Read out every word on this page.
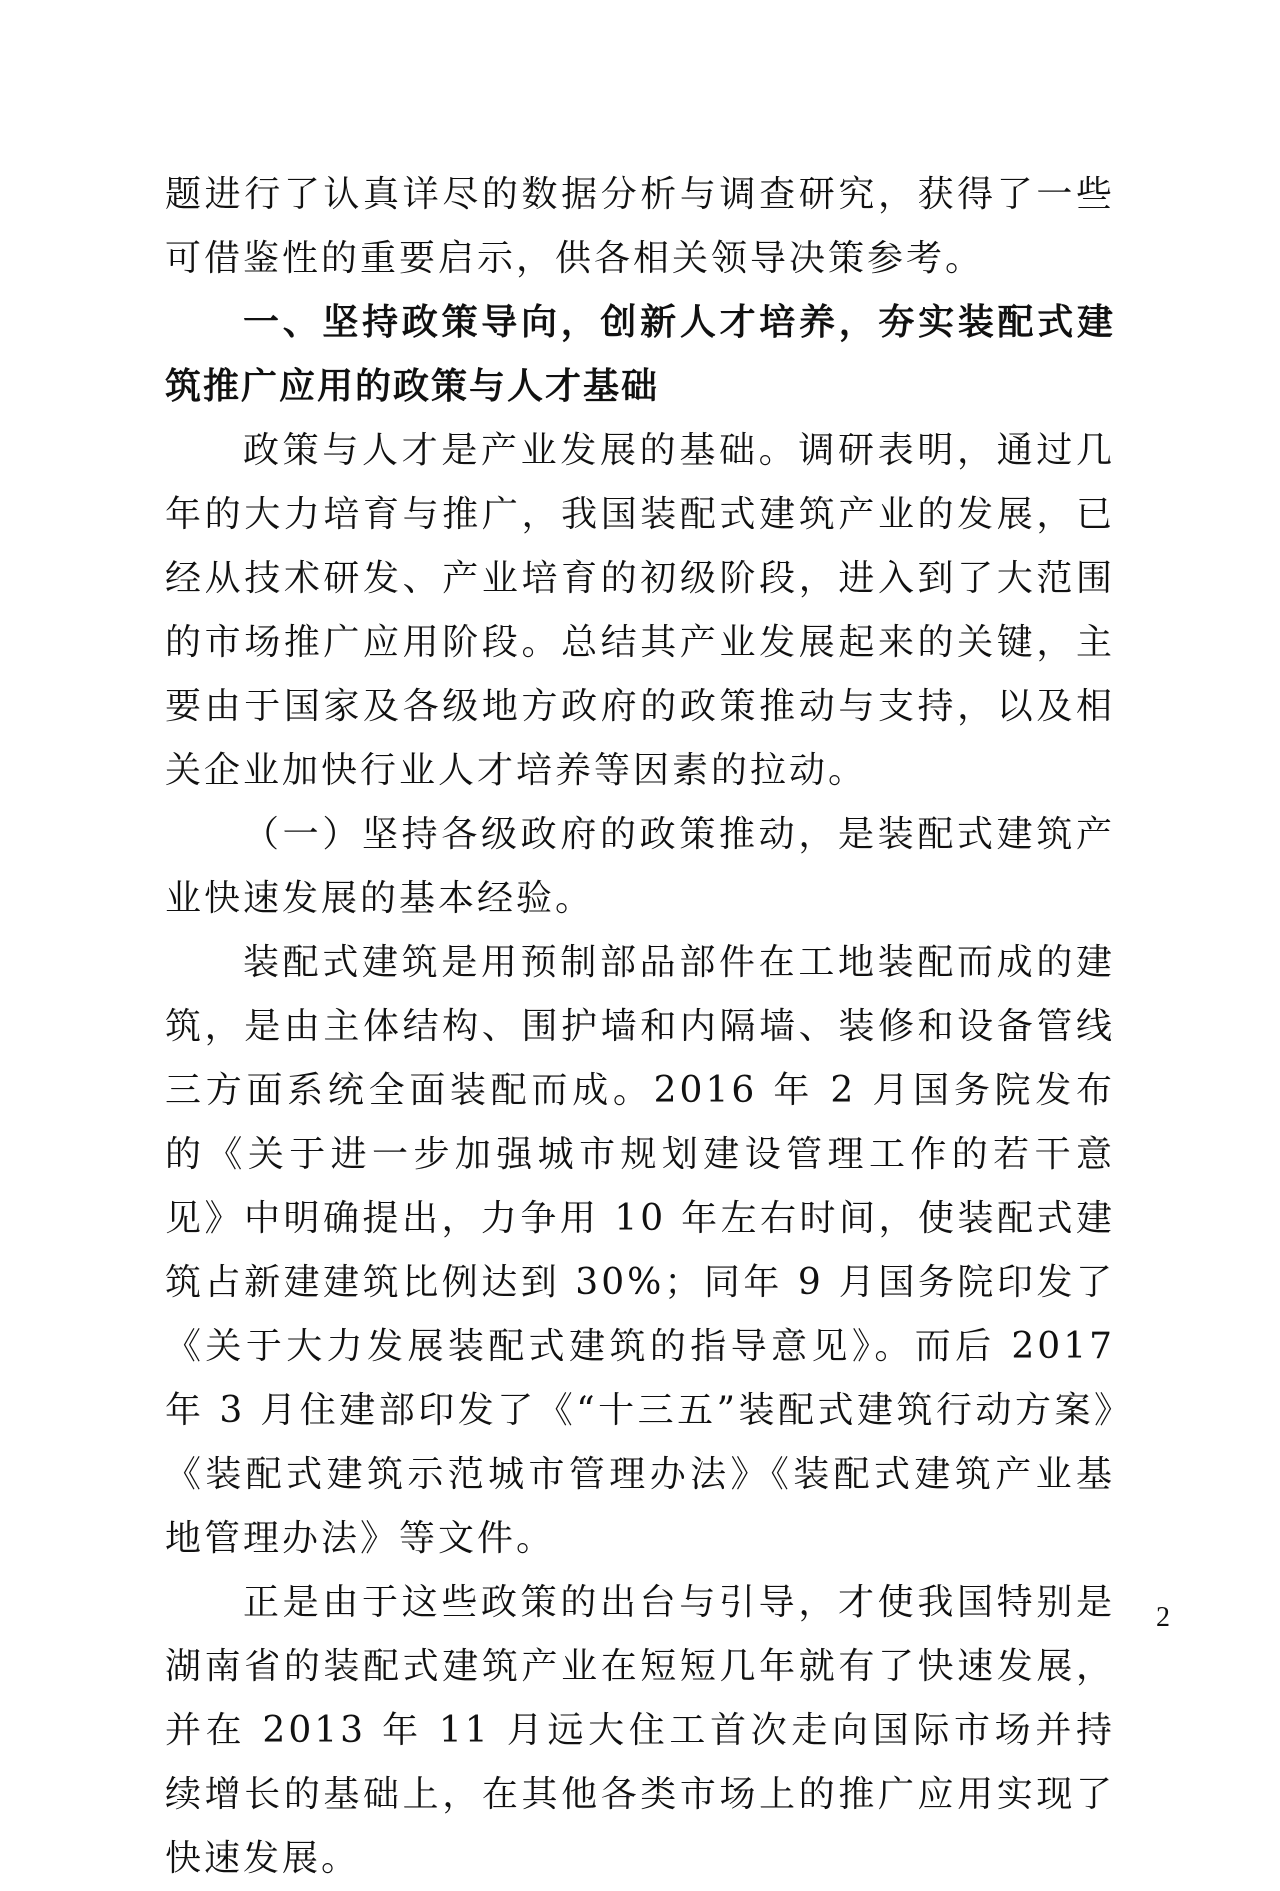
题进行了认真详尽的数据分析与调查研究，获得了一些可借鉴性的重要启示，供各相关领导决策参考。

一、坚持政策导向，创新人才培养，夯实装配式建筑推广应用的政策与人才基础

政策与人才是产业发展的基础。调研表明，通过几年的大力培育与推广，我国装配式建筑产业的发展，已经从技术研发、产业培育的初级阶段，进入到了大范围的市场推广应用阶段。总结其产业发展起来的关键，主要由于国家及各级地方政府的政策推动与支持，以及相关企业加快行业人才培养等因素的拉动。

（一）坚持各级政府的政策推动，是装配式建筑产业快速发展的基本经验。

装配式建筑是用预制部品部件在工地装配而成的建筑，是由主体结构、围护墙和内隔墙、装修和设备管线三方面系统全面装配而成。2016 年 2 月国务院发布的《关于进一步加强城市规划建设管理工作的若干意见》中明确提出，力争用 10 年左右时间，使装配式建筑占新建建筑比例达到 30%；同年 9 月国务院印发了《关于大力发展装配式建筑的指导意见》。而后 2017 年 3 月住建部印发了《“十三五”装配式建筑行动方案》《装配式建筑示范城市管理办法》《装配式建筑产业基地管理办法》等文件。

正是由于这些政策的出台与引导，才使我国特别是湖南省的装配式建筑产业在短短几年就有了快速发展，并在 2013 年 11 月远大住工首次走向国际市场并持续增长的基础上，在其他各类市场上的推广应用实现了快速发展。

2
